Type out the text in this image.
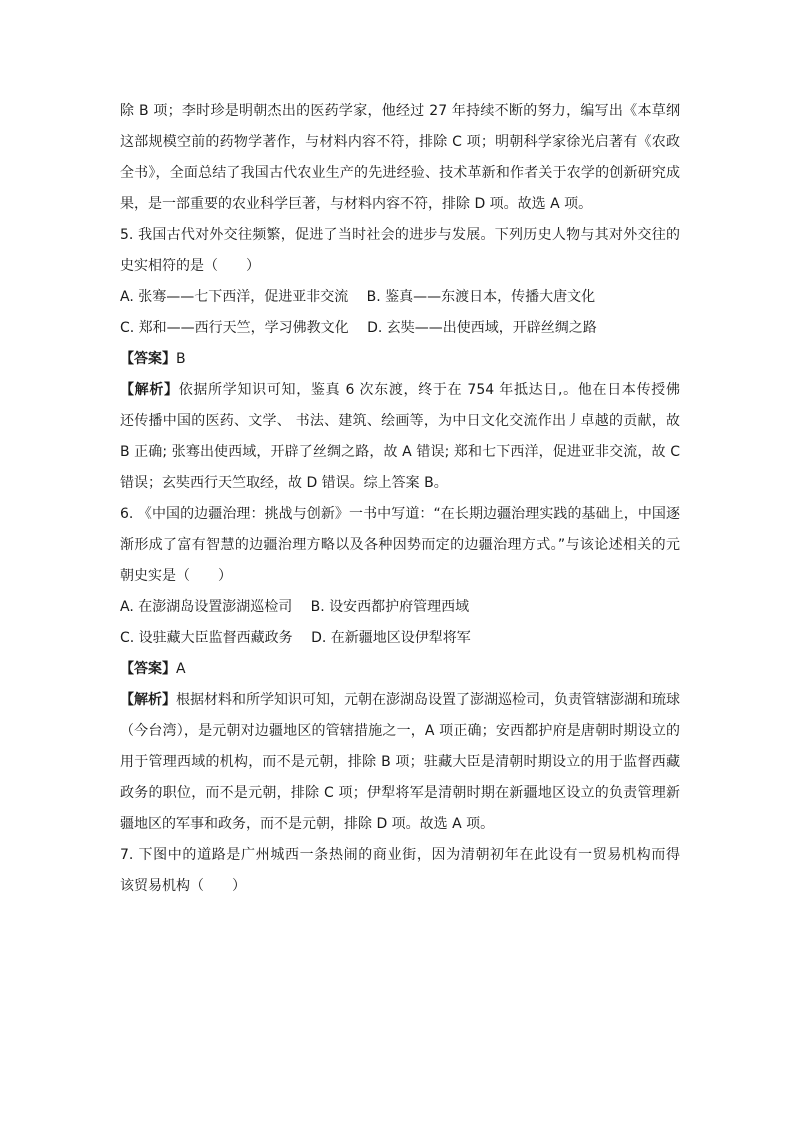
除 B 项；李时珍是明朝杰出的医药学家，他经过 27 年持续不断的努力，编写出《本草纲
这部规模空前的药物学著作，与材料内容不符，排除 C 项；明朝科学家徐光启著有《农政
全书》，全面总结了我国古代农业生产的先进经验、技术革新和作者关于农学的创新研究成
果，是一部重要的农业科学巨著，与材料内容不符，排除 D 项。故选 A 项。
5. 我国古代对外交往频繁，促进了当时社会的进步与发展。下列历史人物与其对外交往的
史实相符的是（　　）
A. 张骞——七下西洋，促进亚非交流　 B. 鉴真——东渡日本，传播大唐文化
C. 郑和——西行天竺，学习佛教文化　 D. 玄奘——出使西域，开辟丝绸之路
【答案】B
【解析】依据所学知识可知，鉴真 6 次东渡，终于在 754 年抵达日,。他在日本传授佛
还传播中国的医药、文学、 书法、建筑、绘画等，为中日文化交流作出丿卓越的贡献，故
B 正确; 张骞出使西域，开辟了丝绸之路，故 A 错误; 郑和七下西洋，促进亚非交流，故 C
错误；玄奘西行天竺取经，故 D 错误。综上答案 B。
6. 《中国的边疆治理：挑战与创新》一书中写道：“在长期边疆治理实践的基础上，中国逐
渐形成了富有智慧的边疆治理方略以及各种因势而定的边疆治理方式。”与该论述相关的元
朝史实是（　　）
A. 在澎湖岛设置澎湖巡检司　 B. 设安西都护府管理西域
C. 设驻藏大臣监督西藏政务　 D. 在新疆地区设伊犁将军
【答案】A
【解析】根据材料和所学知识可知，元朝在澎湖岛设置了澎湖巡检司，负责管辖澎湖和琉球
（今台湾），是元朝对边疆地区的管辖措施之一，A 项正确；安西都护府是唐朝时期设立的
用于管理西域的机构，而不是元朝，排除 B 项；驻藏大臣是清朝时期设立的用于监督西藏
政务的职位，而不是元朝，排除 C 项；伊犁将军是清朝时期在新疆地区设立的负责管理新
疆地区的军事和政务，而不是元朝，排除 D 项。故选 A 项。
7. 下图中的道路是广州城西一条热闹的商业街，因为清朝初年在此设有一贸易机构而得
该贸易机构（　　）
